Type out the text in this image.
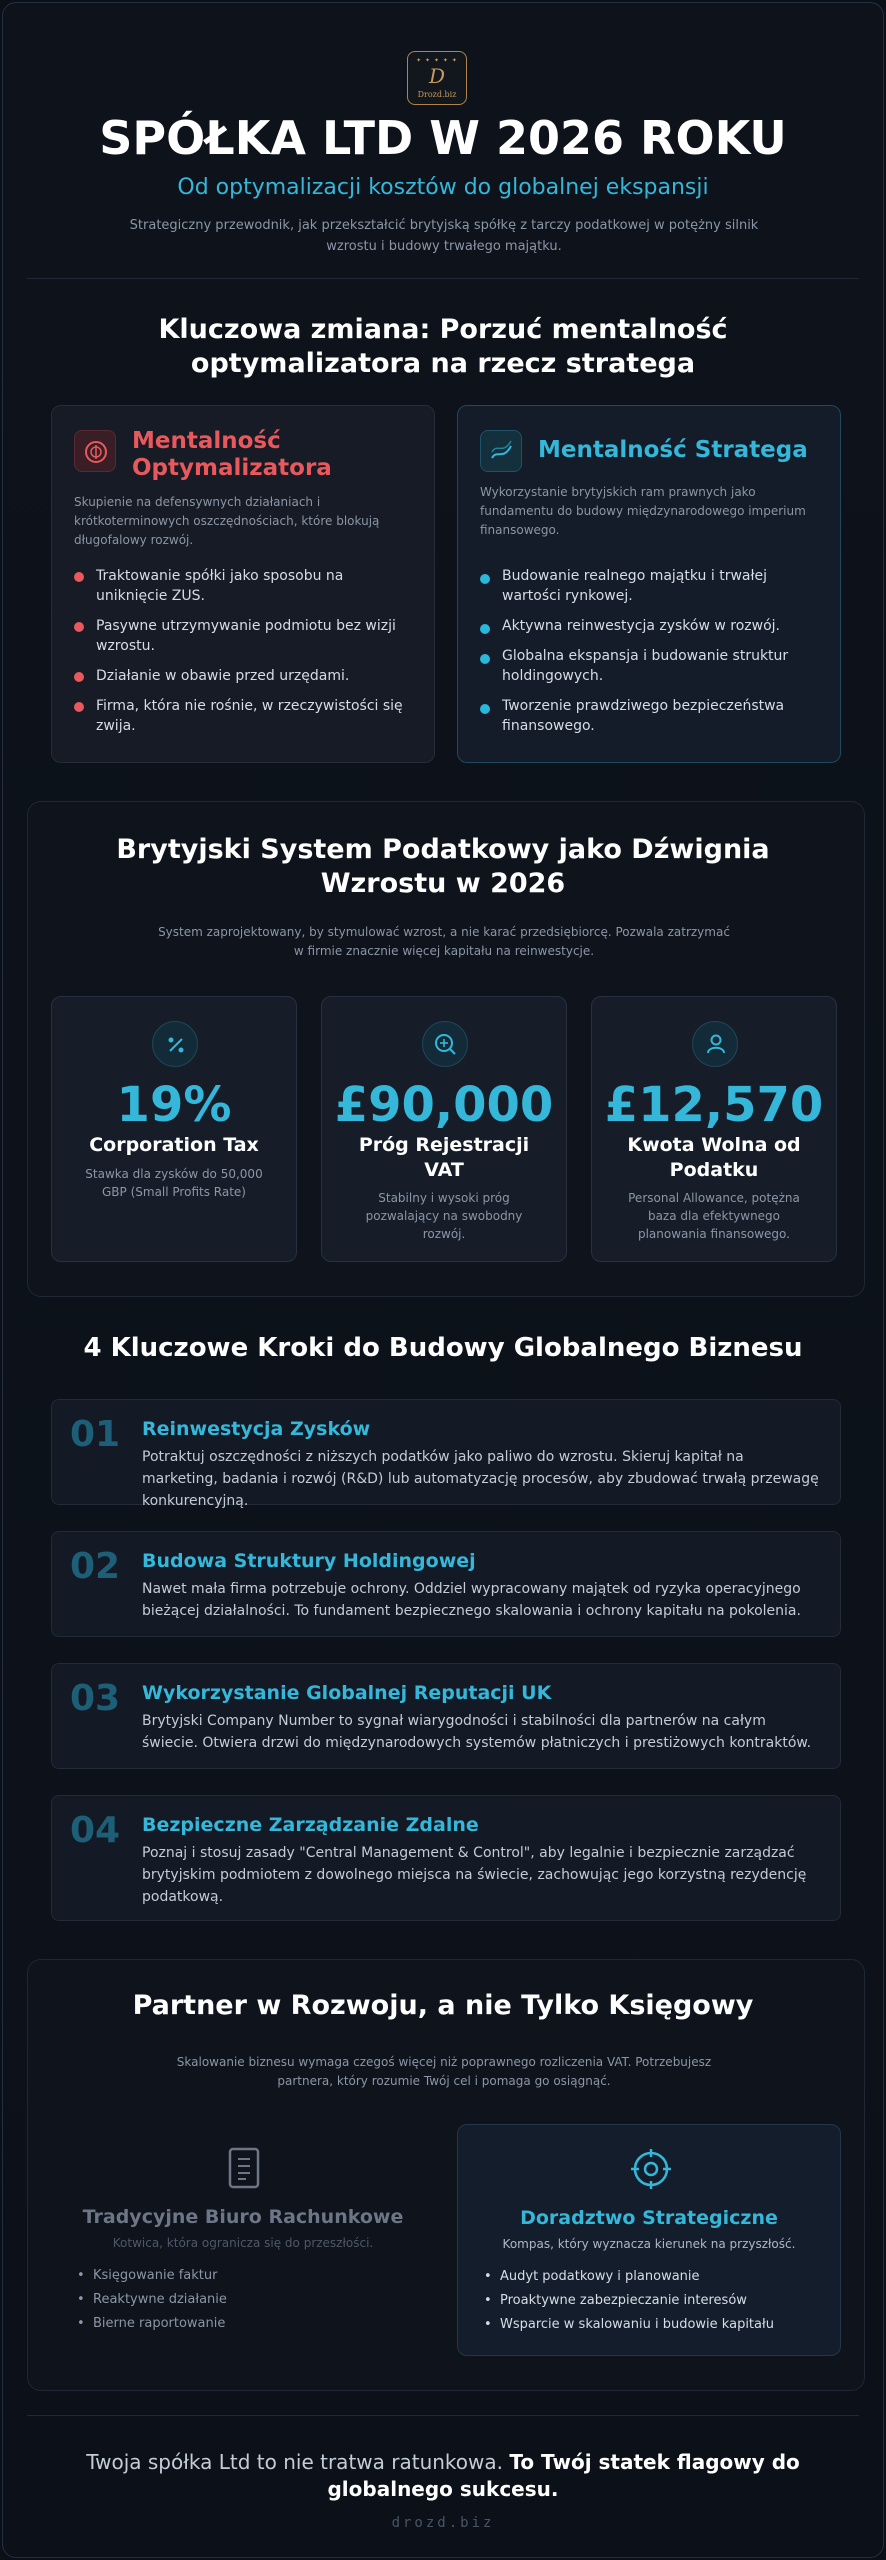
✦ ✦ ✦ ✦ ✦
D
Drozd.biz
SPÓŁKA LTD W 2026 ROKU
Od optymalizacji kosztów do globalnej ekspansji

Strategiczny przewodnik, jak przekształcić brytyjską spółkę z tarczy podatkowej w potężny silnik wzrostu i budowy trwałego majątku.

Kluczowa zmiana: Porzuć mentalność optymalizatora na rzecz stratega
Mentalność Optymalizatora

Skupienie na defensywnych działaniach i krótkoterminowych oszczędnościach, które blokują długofalowy rozwój.

Traktowanie spółki jako sposobu na uniknięcie ZUS.
Pasywne utrzymywanie podmiotu bez wizji wzrostu.
Działanie w obawie przed urzędami.
Firma, która nie rośnie, w rzeczywistości się zwija.
Mentalność Stratega

Wykorzystanie brytyjskich ram prawnych jako fundamentu do budowy międzynarodowego imperium finansowego.

Budowanie realnego majątku i trwałej wartości rynkowej.
Aktywna reinwestycja zysków w rozwój.
Globalna ekspansja i budowanie struktur holdingowych.
Tworzenie prawdziwego bezpieczeństwa finansowego.
Brytyjski System Podatkowy jako Dźwignia Wzrostu w 2026

System zaprojektowany, by stymulować wzrost, a nie karać przedsiębiorcę. Pozwala zatrzymać w firmie znacznie więcej kapitału na reinwestycje.

19%
Corporation Tax

Stawka dla zysków do 50,000 GBP (Small Profits Rate)

£90,000
Próg Rejestracji VAT

Stabilny i wysoki próg pozwalający na swobodny rozwój.

£12,570
Kwota Wolna od Podatku

Personal Allowance, potężna baza dla efektywnego planowania finansowego.

4 Kluczowe Kroki do Budowy Globalnego Biznesu
01 Reinwestycja Zysków

Potraktuj oszczędności z niższych podatków jako paliwo do wzrostu. Skieruj kapitał na marketing, badania i rozwój (R&D) lub automatyzację procesów, aby zbudować trwałą przewagę konkurencyjną.

02 Budowa Struktury Holdingowej

Nawet mała firma potrzebuje ochrony. Oddziel wypracowany majątek od ryzyka operacyjnego bieżącej działalności. To fundament bezpiecznego skalowania i ochrony kapitału na pokolenia.

03 Wykorzystanie Globalnej Reputacji UK

Brytyjski Company Number to sygnał wiarygodności i stabilności dla partnerów na całym świecie. Otwiera drzwi do międzynarodowych systemów płatniczych i prestiżowych kontraktów.

04 Bezpieczne Zarządzanie Zdalne

Poznaj i stosuj zasady "Central Management & Control", aby legalnie i bezpiecznie zarządzać brytyjskim podmiotem z dowolnego miejsca na świecie, zachowując jego korzystną rezydencję podatkową.

Partner w Rozwoju, a nie Tylko Księgowy

Skalowanie biznesu wymaga czegoś więcej niż poprawnego rozliczenia VAT. Potrzebujesz partnera, który rozumie Twój cel i pomaga go osiągnąć.

Tradycyjne Biuro Rachunkowe
Kotwica, która ogranicza się do przeszłości.
• Księgowanie faktur
• Reaktywne działanie
• Bierne raportowanie
Doradztwo Strategiczne
Kompas, który wyznacza kierunek na przyszłość.
• Audyt podatkowy i planowanie
• Proaktywne zabezpieczanie interesów
• Wsparcie w skalowaniu i budowie kapitału

Twoja spółka Ltd to nie tratwa ratunkowa. To Twój statek flagowy do globalnego sukcesu.

drozd.biz
